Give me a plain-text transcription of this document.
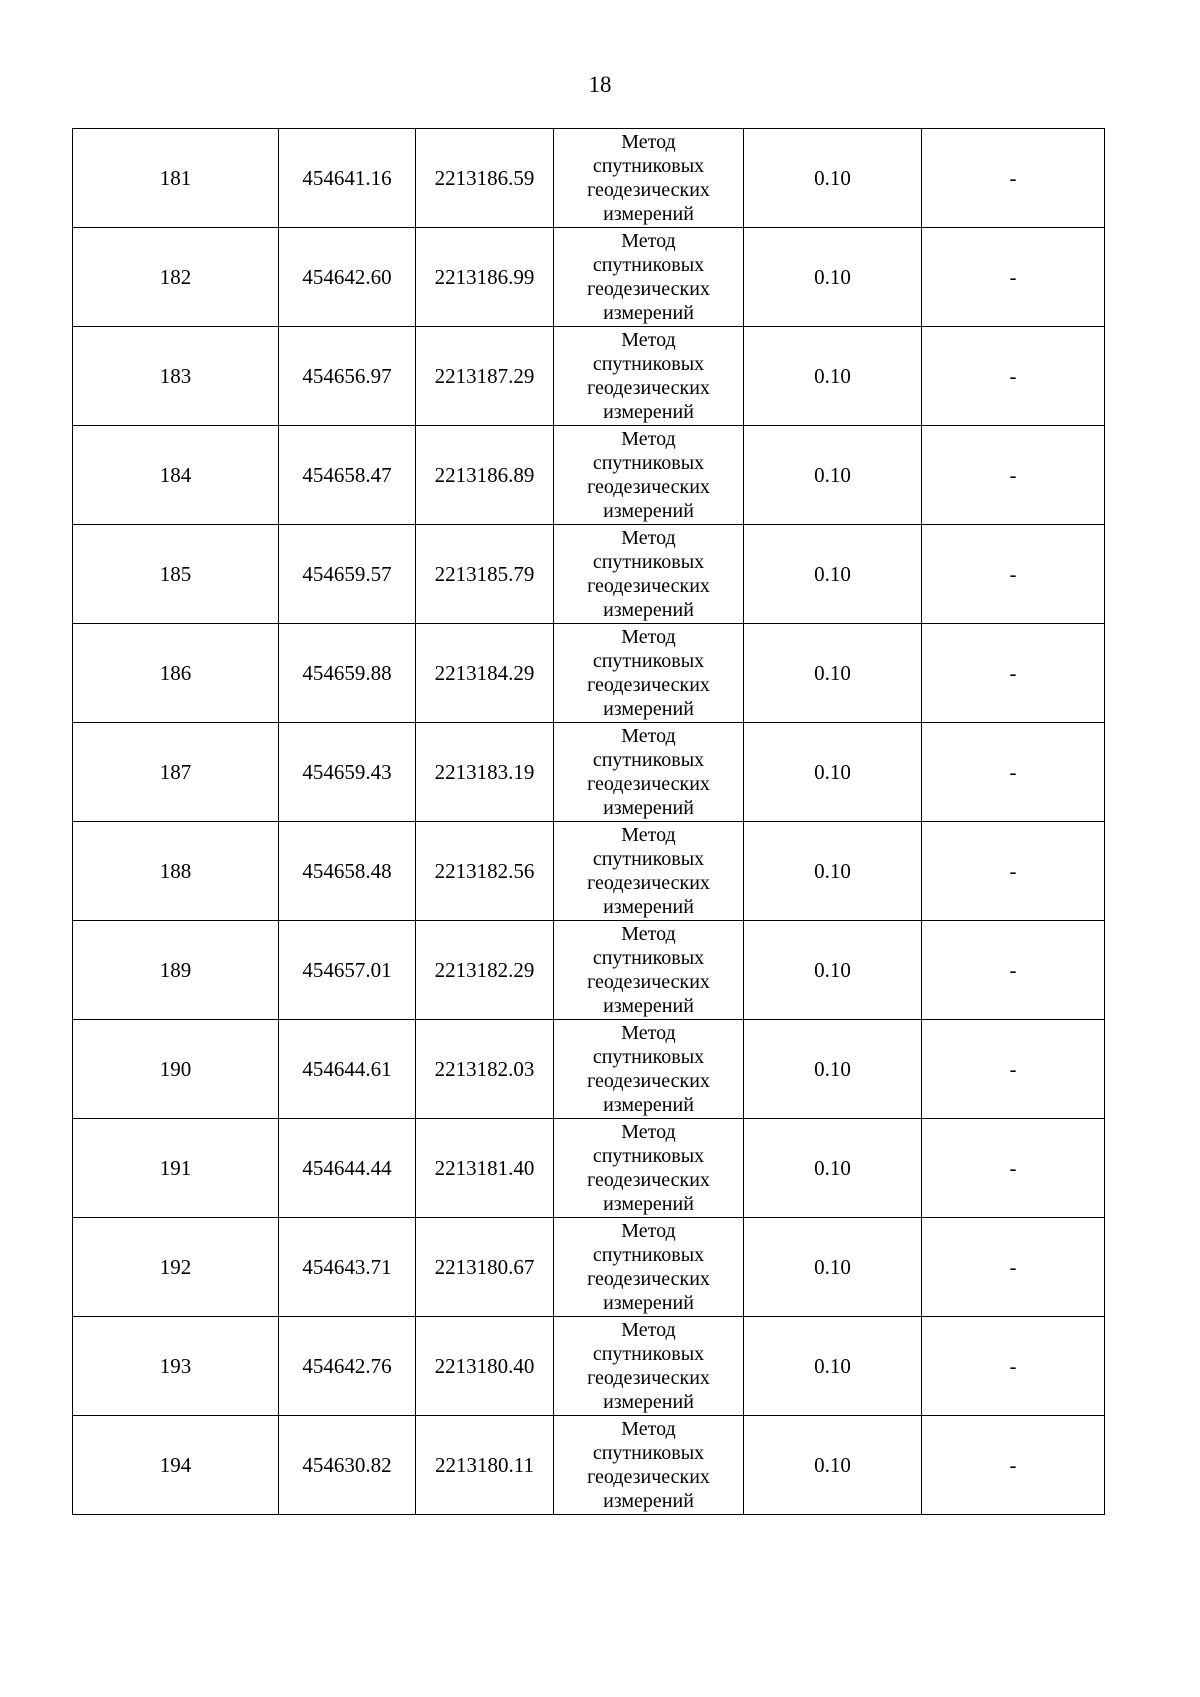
18
181	454641.16	2213186.59	Метод
спутниковых
геодезических
измерений	0.10	-
182	454642.60	2213186.99	Метод
спутниковых
геодезических
измерений	0.10	-
183	454656.97	2213187.29	Метод
спутниковых
геодезических
измерений	0.10	-
184	454658.47	2213186.89	Метод
спутниковых
геодезических
измерений	0.10	-
185	454659.57	2213185.79	Метод
спутниковых
геодезических
измерений	0.10	-
186	454659.88	2213184.29	Метод
спутниковых
геодезических
измерений	0.10	-
187	454659.43	2213183.19	Метод
спутниковых
геодезических
измерений	0.10	-
188	454658.48	2213182.56	Метод
спутниковых
геодезических
измерений	0.10	-
189	454657.01	2213182.29	Метод
спутниковых
геодезических
измерений	0.10	-
190	454644.61	2213182.03	Метод
спутниковых
геодезических
измерений	0.10	-
191	454644.44	2213181.40	Метод
спутниковых
геодезических
измерений	0.10	-
192	454643.71	2213180.67	Метод
спутниковых
геодезических
измерений	0.10	-
193	454642.76	2213180.40	Метод
спутниковых
геодезических
измерений	0.10	-
194	454630.82	2213180.11	Метод
спутниковых
геодезических
измерений	0.10	-
